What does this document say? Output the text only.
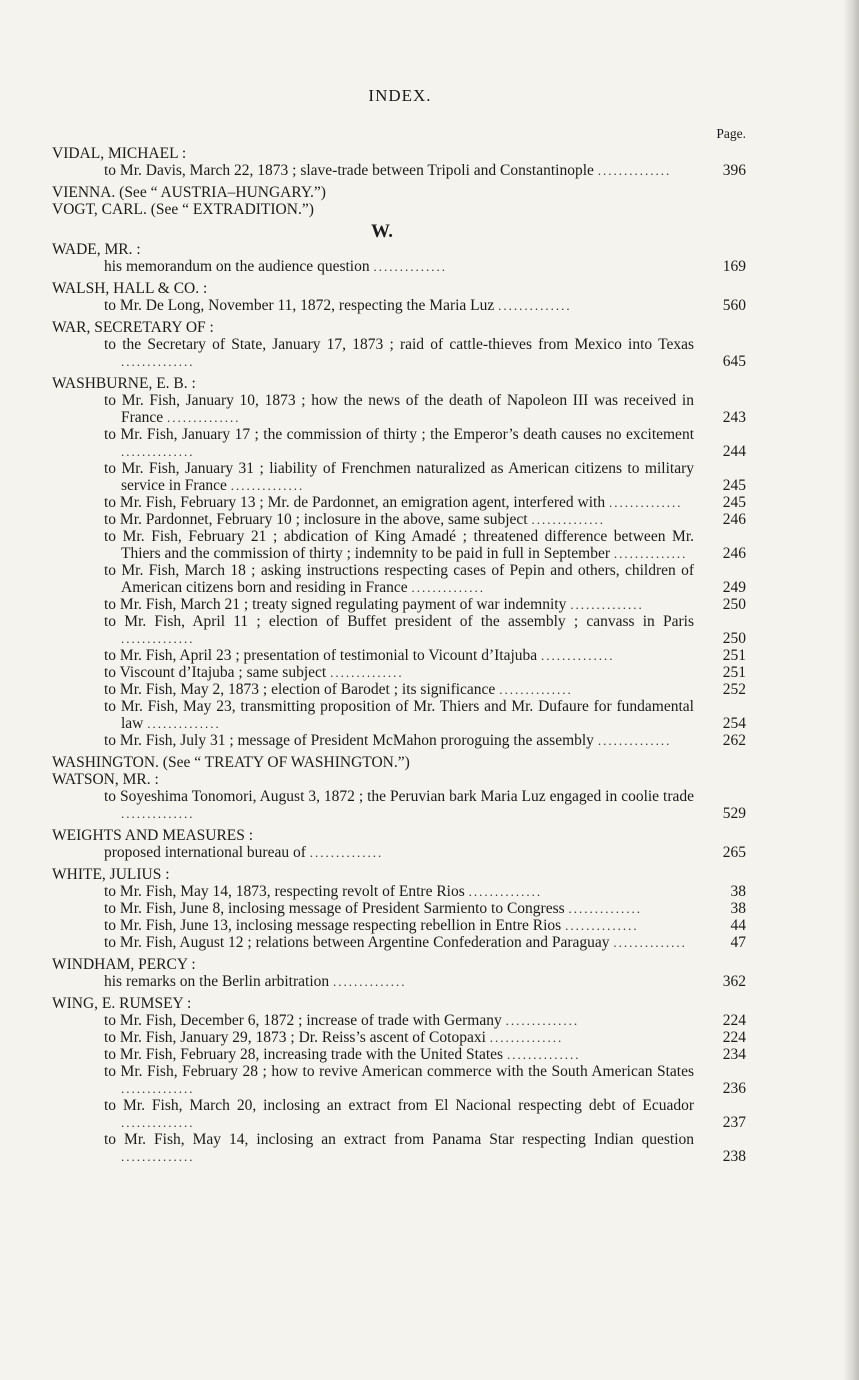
INDEX.
Page.
VIDAL, MICHAEL :
to Mr. Davis, March 22, 1873 ; slave-trade between Tripoli and Constantinople ..............	396
VIENNA. (See “ AUSTRIA–HUNGARY.”)
VOGT, CARL. (See “ EXTRADITION.”)
W.
WADE, MR. :
his memorandum on the audience question ..............	169
WALSH, HALL & CO. :
to Mr. De Long, November 11, 1872, respecting the Maria Luz ..............	560
WAR, SECRETARY OF :
to the Secretary of State, January 17, 1873 ; raid of cattle-thieves from Mexico into Texas ..............	645
WASHBURNE, E. B. :
to Mr. Fish, January 10, 1873 ; how the news of the death of Napoleon III was received in France ..............	243
to Mr. Fish, January 17 ; the commission of thirty ; the Emperor’s death causes no excitement ..............	244
to Mr. Fish, January 31 ; liability of Frenchmen naturalized as American citizens to military service in France ..............	245
to Mr. Fish, February 13 ; Mr. de Pardonnet, an emigration agent, interfered with ..............	245
to Mr. Pardonnet, February 10 ; inclosure in the above, same subject ..............	246
to Mr. Fish, February 21 ; abdication of King Amadé ; threatened difference between Mr. Thiers and the commission of thirty ; indemnity to be paid in full in September ..............	246
to Mr. Fish, March 18 ; asking instructions respecting cases of Pepin and others, children of American citizens born and residing in France ..............	249
to Mr. Fish, March 21 ; treaty signed regulating payment of war indemnity ..............	250
to Mr. Fish, April 11 ; election of Buffet president of the assembly ; canvass in Paris ..............	250
to Mr. Fish, April 23 ; presentation of testimonial to Vicount d’Itajuba ..............	251
to Viscount d’Itajuba ; same subject ..............	251
to Mr. Fish, May 2, 1873 ; election of Barodet ; its significance ..............	252
to Mr. Fish, May 23, transmitting proposition of Mr. Thiers and Mr. Dufaure for fundamental law ..............	254
to Mr. Fish, July 31 ; message of President McMahon proroguing the assembly ..............	262
WASHINGTON. (See “ TREATY OF WASHINGTON.”)
WATSON, MR. :
to Soyeshima Tonomori, August 3, 1872 ; the Peruvian bark Maria Luz engaged in coolie trade ..............	529
WEIGHTS AND MEASURES :
proposed international bureau of ..............	265
WHITE, JULIUS :
to Mr. Fish, May 14, 1873, respecting revolt of Entre Rios ..............	38
to Mr. Fish, June 8, inclosing message of President Sarmiento to Congress ..............	38
to Mr. Fish, June 13, inclosing message respecting rebellion in Entre Rios ..............	44
to Mr. Fish, August 12 ; relations between Argentine Confederation and Paraguay ..............	47
WINDHAM, PERCY :
his remarks on the Berlin arbitration ..............	362
WING, E. RUMSEY :
to Mr. Fish, December 6, 1872 ; increase of trade with Germany ..............	224
to Mr. Fish, January 29, 1873 ; Dr. Reiss’s ascent of Cotopaxi ..............	224
to Mr. Fish, February 28, increasing trade with the United States ..............	234
to Mr. Fish, February 28 ; how to revive American commerce with the South American States ..............	236
to Mr. Fish, March 20, inclosing an extract from El Nacional respecting debt of Ecuador ..............	237
to Mr. Fish, May 14, inclosing an extract from Panama Star respecting Indian question ..............	238
